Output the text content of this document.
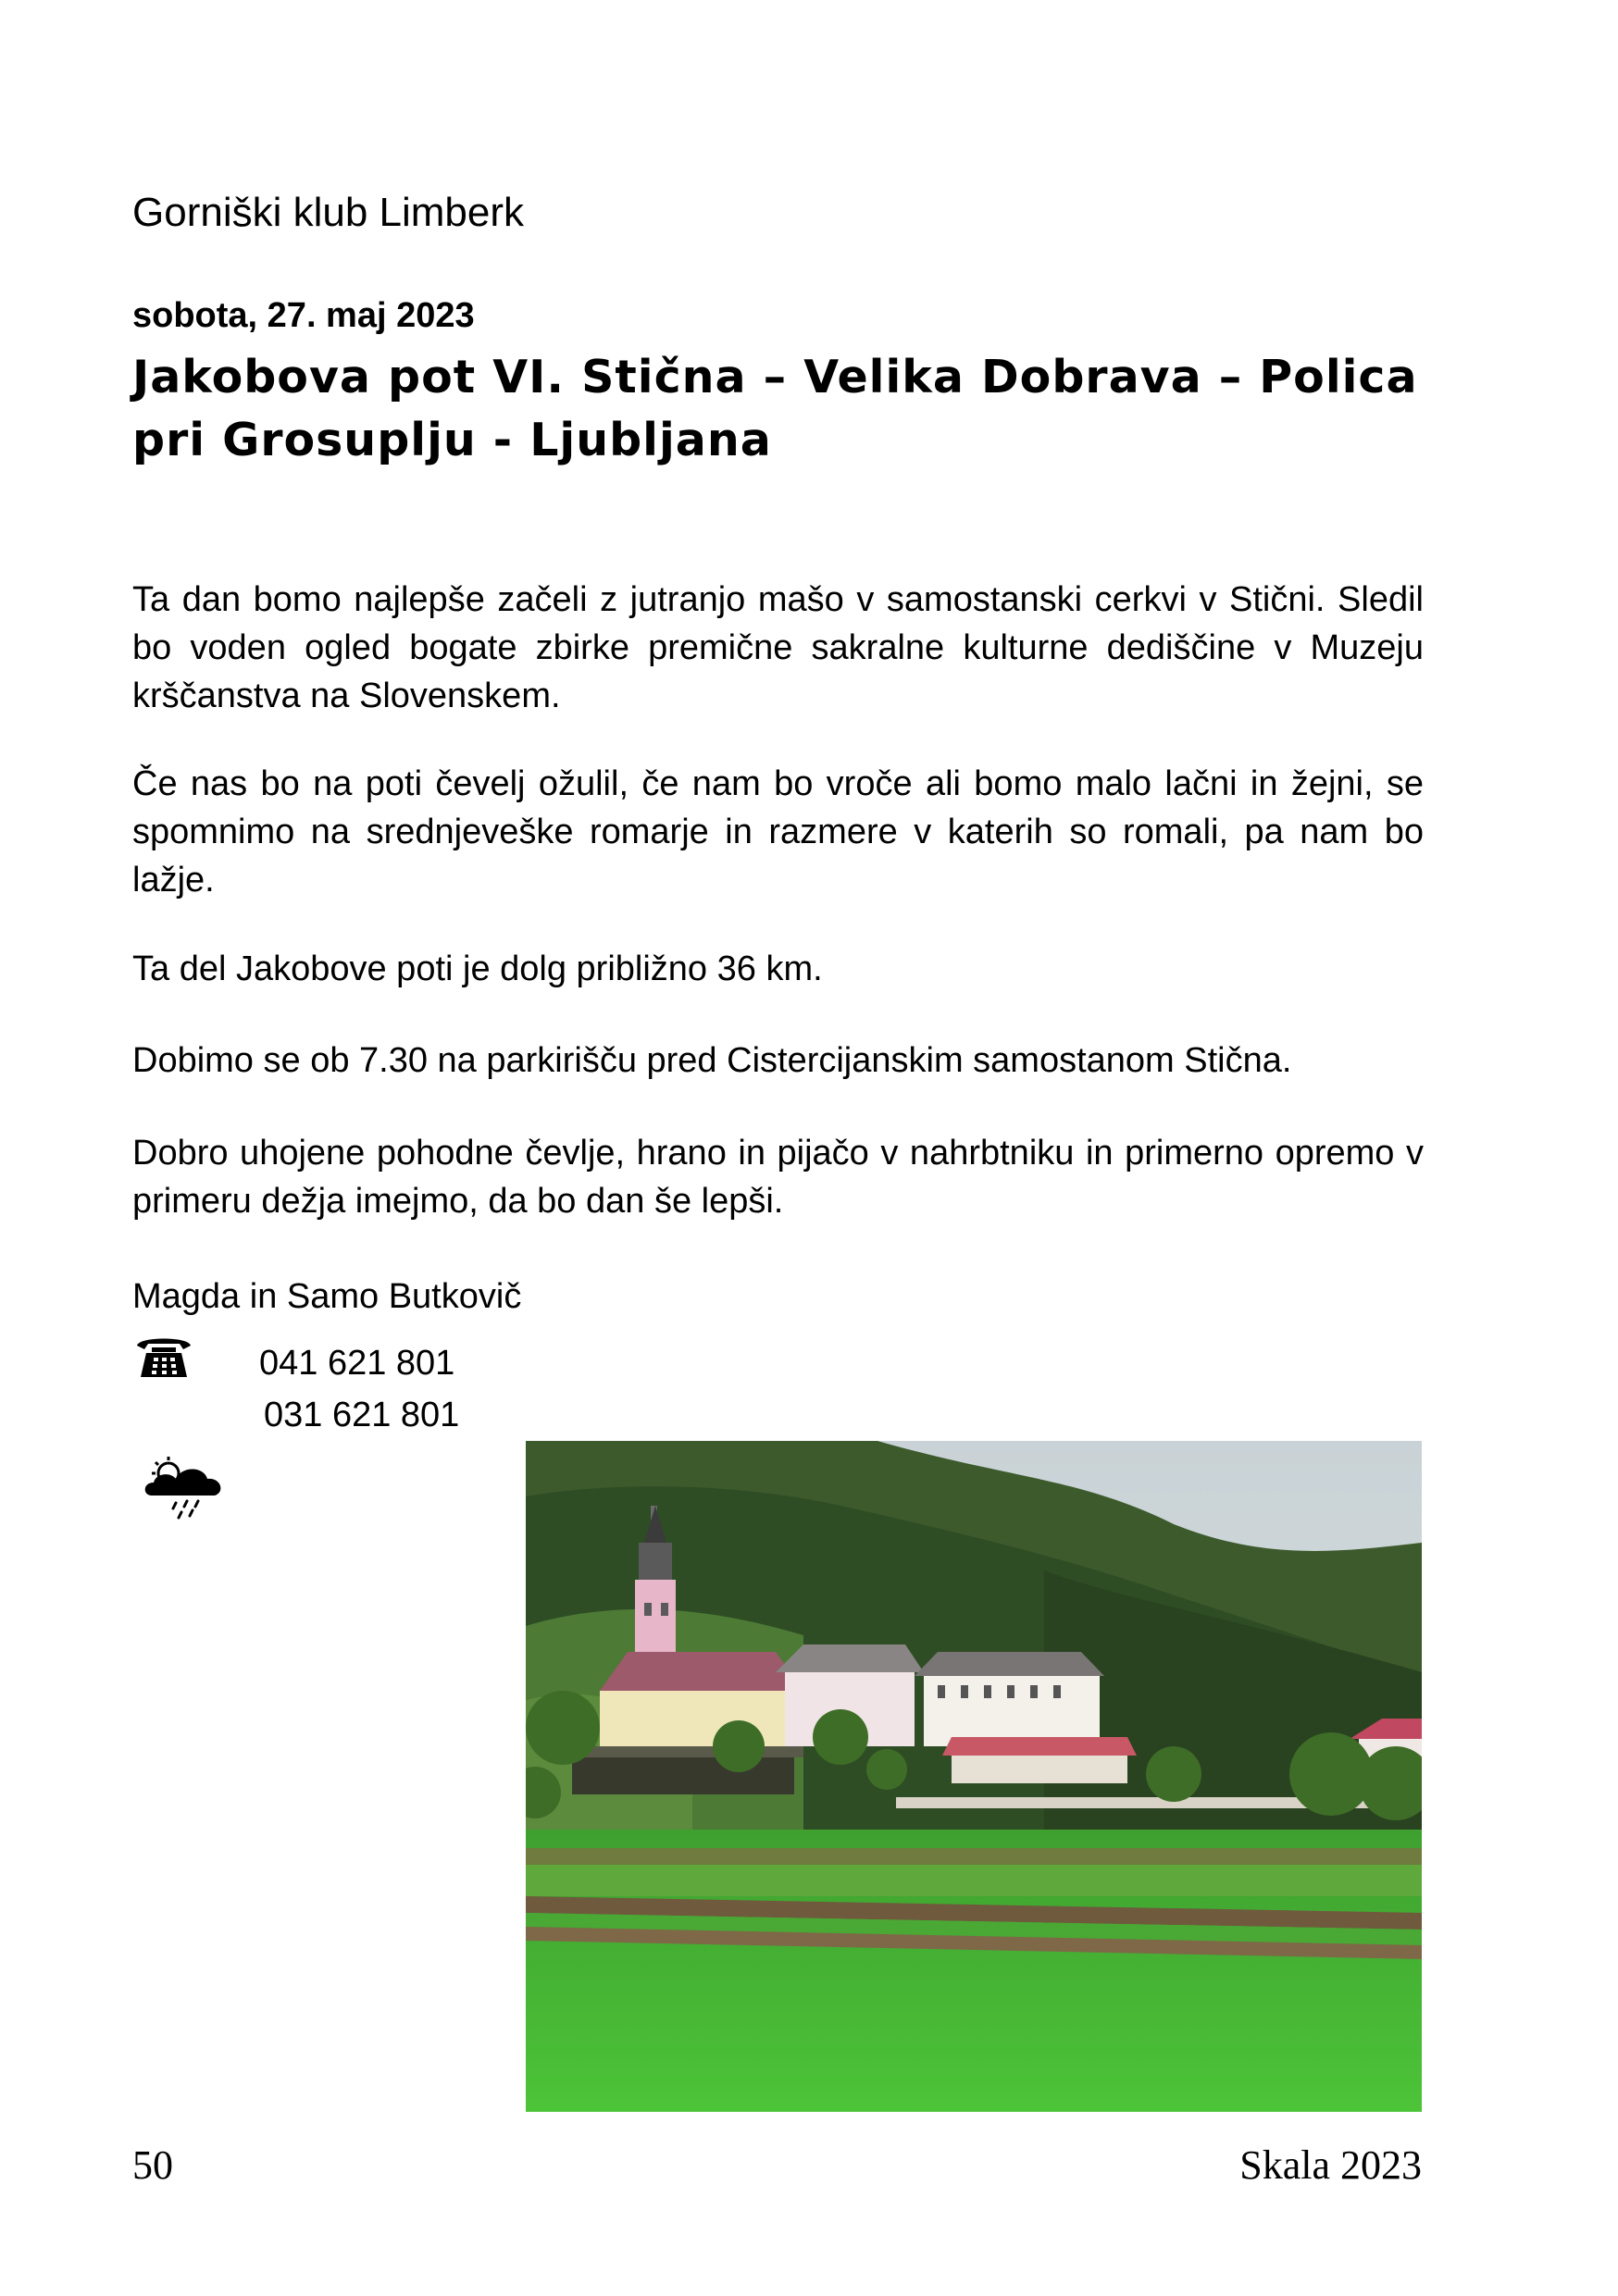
Gorniški klub Limberk
sobota, 27. maj 2023
Jakobova pot VI. Stična – Velika Dobrava – Polica
pri Grosuplju - Ljubljana

Ta dan bomo najlepše začeli z jutranjo mašo v samostanski cerkvi v Stični. Sledil bo voden ogled bogate zbirke premične sakralne kulturne dediščine v Muzeju krščanstva na Slovenskem.

Če nas bo na poti čevelj ožulil, če nam bo vroče ali bomo malo lačni in žejni, se spomnimo na srednjeveške romarje in razmere v katerih so romali, pa nam bo lažje.

Ta del Jakobove poti je dolg približno 36 km.

Dobimo se ob 7.30 na parkirišču pred Cistercijanskim samostanom Stična.

Dobro uhojene pohodne čevlje, hrano in pijačo v nahrbtniku in primerno opremo v primeru dežja imejmo, da bo dan še lepši.

Magda in Samo Butkovič
041 621 801
031 621 801
50	Skala 2023
